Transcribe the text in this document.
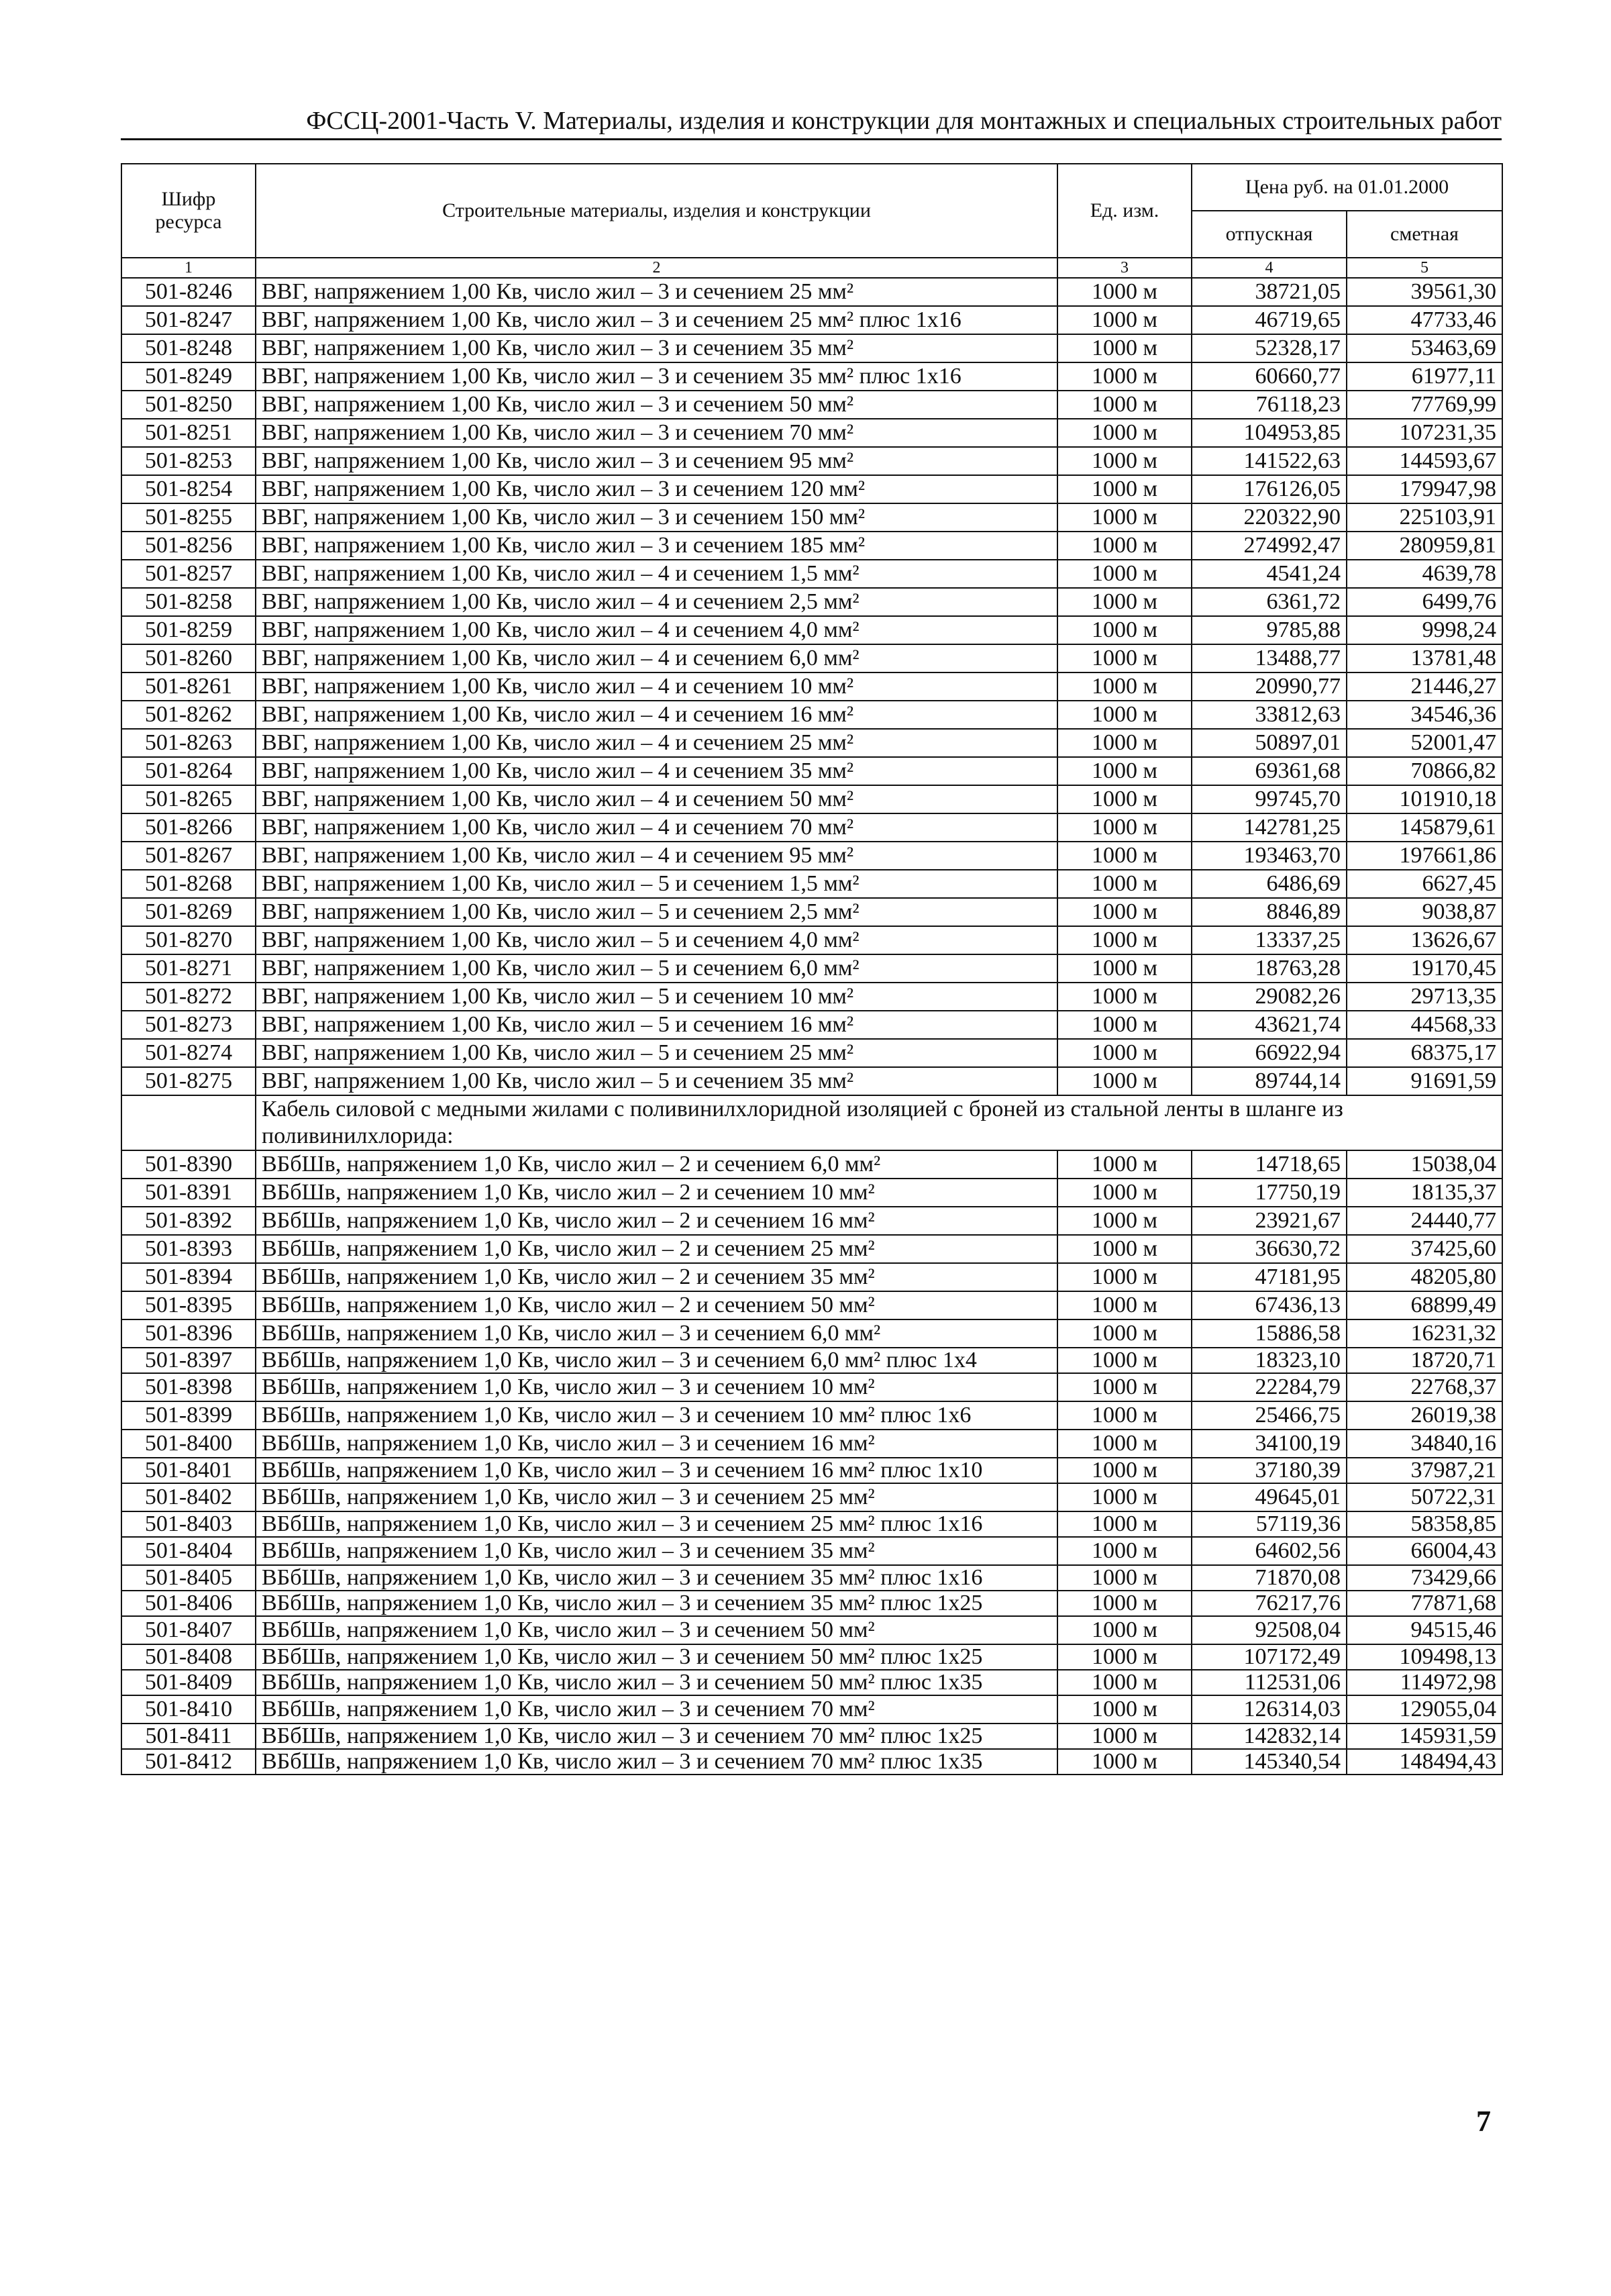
ФССЦ-2001-Часть V. Материалы, изделия и конструкции для монтажных и специальных строительных работ
Шифр ресурса	Строительные материалы, изделия и конструкции	Ед. изм.	Цена руб. на 01.01.2000	
			отпускная	сметная
1	2	3	4	5
501-8246	ВВГ, напряжением 1,00 Кв, число жил – 3 и сечением 25 мм²	1000 м	38721,05	39561,30
501-8247	ВВГ, напряжением 1,00 Кв, число жил – 3 и сечением 25 мм² плюс 1х16	1000 м	46719,65	47733,46
501-8248	ВВГ, напряжением 1,00 Кв, число жил – 3 и сечением 35 мм²	1000 м	52328,17	53463,69
501-8249	ВВГ, напряжением 1,00 Кв, число жил – 3 и сечением 35 мм² плюс 1х16	1000 м	60660,77	61977,11
501-8250	ВВГ, напряжением 1,00 Кв, число жил – 3 и сечением 50 мм²	1000 м	76118,23	77769,99
501-8251	ВВГ, напряжением 1,00 Кв, число жил – 3 и сечением 70 мм²	1000 м	104953,85	107231,35
501-8253	ВВГ, напряжением 1,00 Кв, число жил – 3 и сечением 95 мм²	1000 м	141522,63	144593,67
501-8254	ВВГ, напряжением 1,00 Кв, число жил – 3 и сечением 120 мм²	1000 м	176126,05	179947,98
501-8255	ВВГ, напряжением 1,00 Кв, число жил – 3 и сечением 150 мм²	1000 м	220322,90	225103,91
501-8256	ВВГ, напряжением 1,00 Кв, число жил – 3 и сечением 185 мм²	1000 м	274992,47	280959,81
501-8257	ВВГ, напряжением 1,00 Кв, число жил – 4 и сечением 1,5 мм²	1000 м	4541,24	4639,78
501-8258	ВВГ, напряжением 1,00 Кв, число жил – 4 и сечением 2,5 мм²	1000 м	6361,72	6499,76
501-8259	ВВГ, напряжением 1,00 Кв, число жил – 4 и сечением 4,0 мм²	1000 м	9785,88	9998,24
501-8260	ВВГ, напряжением 1,00 Кв, число жил – 4 и сечением 6,0 мм²	1000 м	13488,77	13781,48
501-8261	ВВГ, напряжением 1,00 Кв, число жил – 4 и сечением 10 мм²	1000 м	20990,77	21446,27
501-8262	ВВГ, напряжением 1,00 Кв, число жил – 4 и сечением 16 мм²	1000 м	33812,63	34546,36
501-8263	ВВГ, напряжением 1,00 Кв, число жил – 4 и сечением 25 мм²	1000 м	50897,01	52001,47
501-8264	ВВГ, напряжением 1,00 Кв, число жил – 4 и сечением 35 мм²	1000 м	69361,68	70866,82
501-8265	ВВГ, напряжением 1,00 Кв, число жил – 4 и сечением 50 мм²	1000 м	99745,70	101910,18
501-8266	ВВГ, напряжением 1,00 Кв, число жил – 4 и сечением 70 мм²	1000 м	142781,25	145879,61
501-8267	ВВГ, напряжением 1,00 Кв, число жил – 4 и сечением 95 мм²	1000 м	193463,70	197661,86
501-8268	ВВГ, напряжением 1,00 Кв, число жил – 5 и сечением 1,5 мм²	1000 м	6486,69	6627,45
501-8269	ВВГ, напряжением 1,00 Кв, число жил – 5 и сечением 2,5 мм²	1000 м	8846,89	9038,87
501-8270	ВВГ, напряжением 1,00 Кв, число жил – 5 и сечением 4,0 мм²	1000 м	13337,25	13626,67
501-8271	ВВГ, напряжением 1,00 Кв, число жил – 5 и сечением 6,0 мм²	1000 м	18763,28	19170,45
501-8272	ВВГ, напряжением 1,00 Кв, число жил – 5 и сечением 10 мм²	1000 м	29082,26	29713,35
501-8273	ВВГ, напряжением 1,00 Кв, число жил – 5 и сечением 16 мм²	1000 м	43621,74	44568,33
501-8274	ВВГ, напряжением 1,00 Кв, число жил – 5 и сечением 25 мм²	1000 м	66922,94	68375,17
501-8275	ВВГ, напряжением 1,00 Кв, число жил – 5 и сечением 35 мм²	1000 м	89744,14	91691,59
	Кабель силовой с медными жилами с поливинилхлоридной изоляцией с броней из стальной ленты в шланге из поливинилхлорида:			
501-8390	ВБбШв, напряжением 1,0 Кв, число жил – 2 и сечением 6,0 мм²	1000 м	14718,65	15038,04
501-8391	ВБбШв, напряжением 1,0 Кв, число жил – 2 и сечением 10 мм²	1000 м	17750,19	18135,37
501-8392	ВБбШв, напряжением 1,0 Кв, число жил – 2 и сечением 16 мм²	1000 м	23921,67	24440,77
501-8393	ВБбШв, напряжением 1,0 Кв, число жил – 2 и сечением 25 мм²	1000 м	36630,72	37425,60
501-8394	ВБбШв, напряжением 1,0 Кв, число жил – 2 и сечением 35 мм²	1000 м	47181,95	48205,80
501-8395	ВБбШв, напряжением 1,0 Кв, число жил – 2 и сечением 50 мм²	1000 м	67436,13	68899,49
501-8396	ВБбШв, напряжением 1,0 Кв, число жил – 3 и сечением 6,0 мм²	1000 м	15886,58	16231,32
501-8397	ВБбШв, напряжением 1,0 Кв, число жил – 3 и сечением 6,0 мм² плюс 1х4	1000 м	18323,10	18720,71
501-8398	ВБбШв, напряжением 1,0 Кв, число жил – 3 и сечением 10 мм²	1000 м	22284,79	22768,37
501-8399	ВБбШв, напряжением 1,0 Кв, число жил – 3 и сечением 10 мм² плюс 1х6	1000 м	25466,75	26019,38
501-8400	ВБбШв, напряжением 1,0 Кв, число жил – 3 и сечением 16 мм²	1000 м	34100,19	34840,16
501-8401	ВБбШв, напряжением 1,0 Кв, число жил – 3 и сечением 16 мм² плюс 1х10	1000 м	37180,39	37987,21
501-8402	ВБбШв, напряжением 1,0 Кв, число жил – 3 и сечением 25 мм²	1000 м	49645,01	50722,31
501-8403	ВБбШв, напряжением 1,0 Кв, число жил – 3 и сечением 25 мм² плюс 1х16	1000 м	57119,36	58358,85
501-8404	ВБбШв, напряжением 1,0 Кв, число жил – 3 и сечением 35 мм²	1000 м	64602,56	66004,43
501-8405	ВБбШв, напряжением 1,0 Кв, число жил – 3 и сечением 35 мм² плюс 1х16	1000 м	71870,08	73429,66
501-8406	ВБбШв, напряжением 1,0 Кв, число жил – 3 и сечением 35 мм² плюс 1х25	1000 м	76217,76	77871,68
501-8407	ВБбШв, напряжением 1,0 Кв, число жил – 3 и сечением 50 мм²	1000 м	92508,04	94515,46
501-8408	ВБбШв, напряжением 1,0 Кв, число жил – 3 и сечением 50 мм² плюс 1х25	1000 м	107172,49	109498,13
501-8409	ВБбШв, напряжением 1,0 Кв, число жил – 3 и сечением 50 мм² плюс 1х35	1000 м	112531,06	114972,98
501-8410	ВБбШв, напряжением 1,0 Кв, число жил – 3 и сечением 70 мм²	1000 м	126314,03	129055,04
501-8411	ВБбШв, напряжением 1,0 Кв, число жил – 3 и сечением 70 мм² плюс 1х25	1000 м	142832,14	145931,59
501-8412	ВБбШв, напряжением 1,0 Кв, число жил – 3 и сечением 70 мм² плюс 1х35	1000 м	145340,54	148494,43
7
